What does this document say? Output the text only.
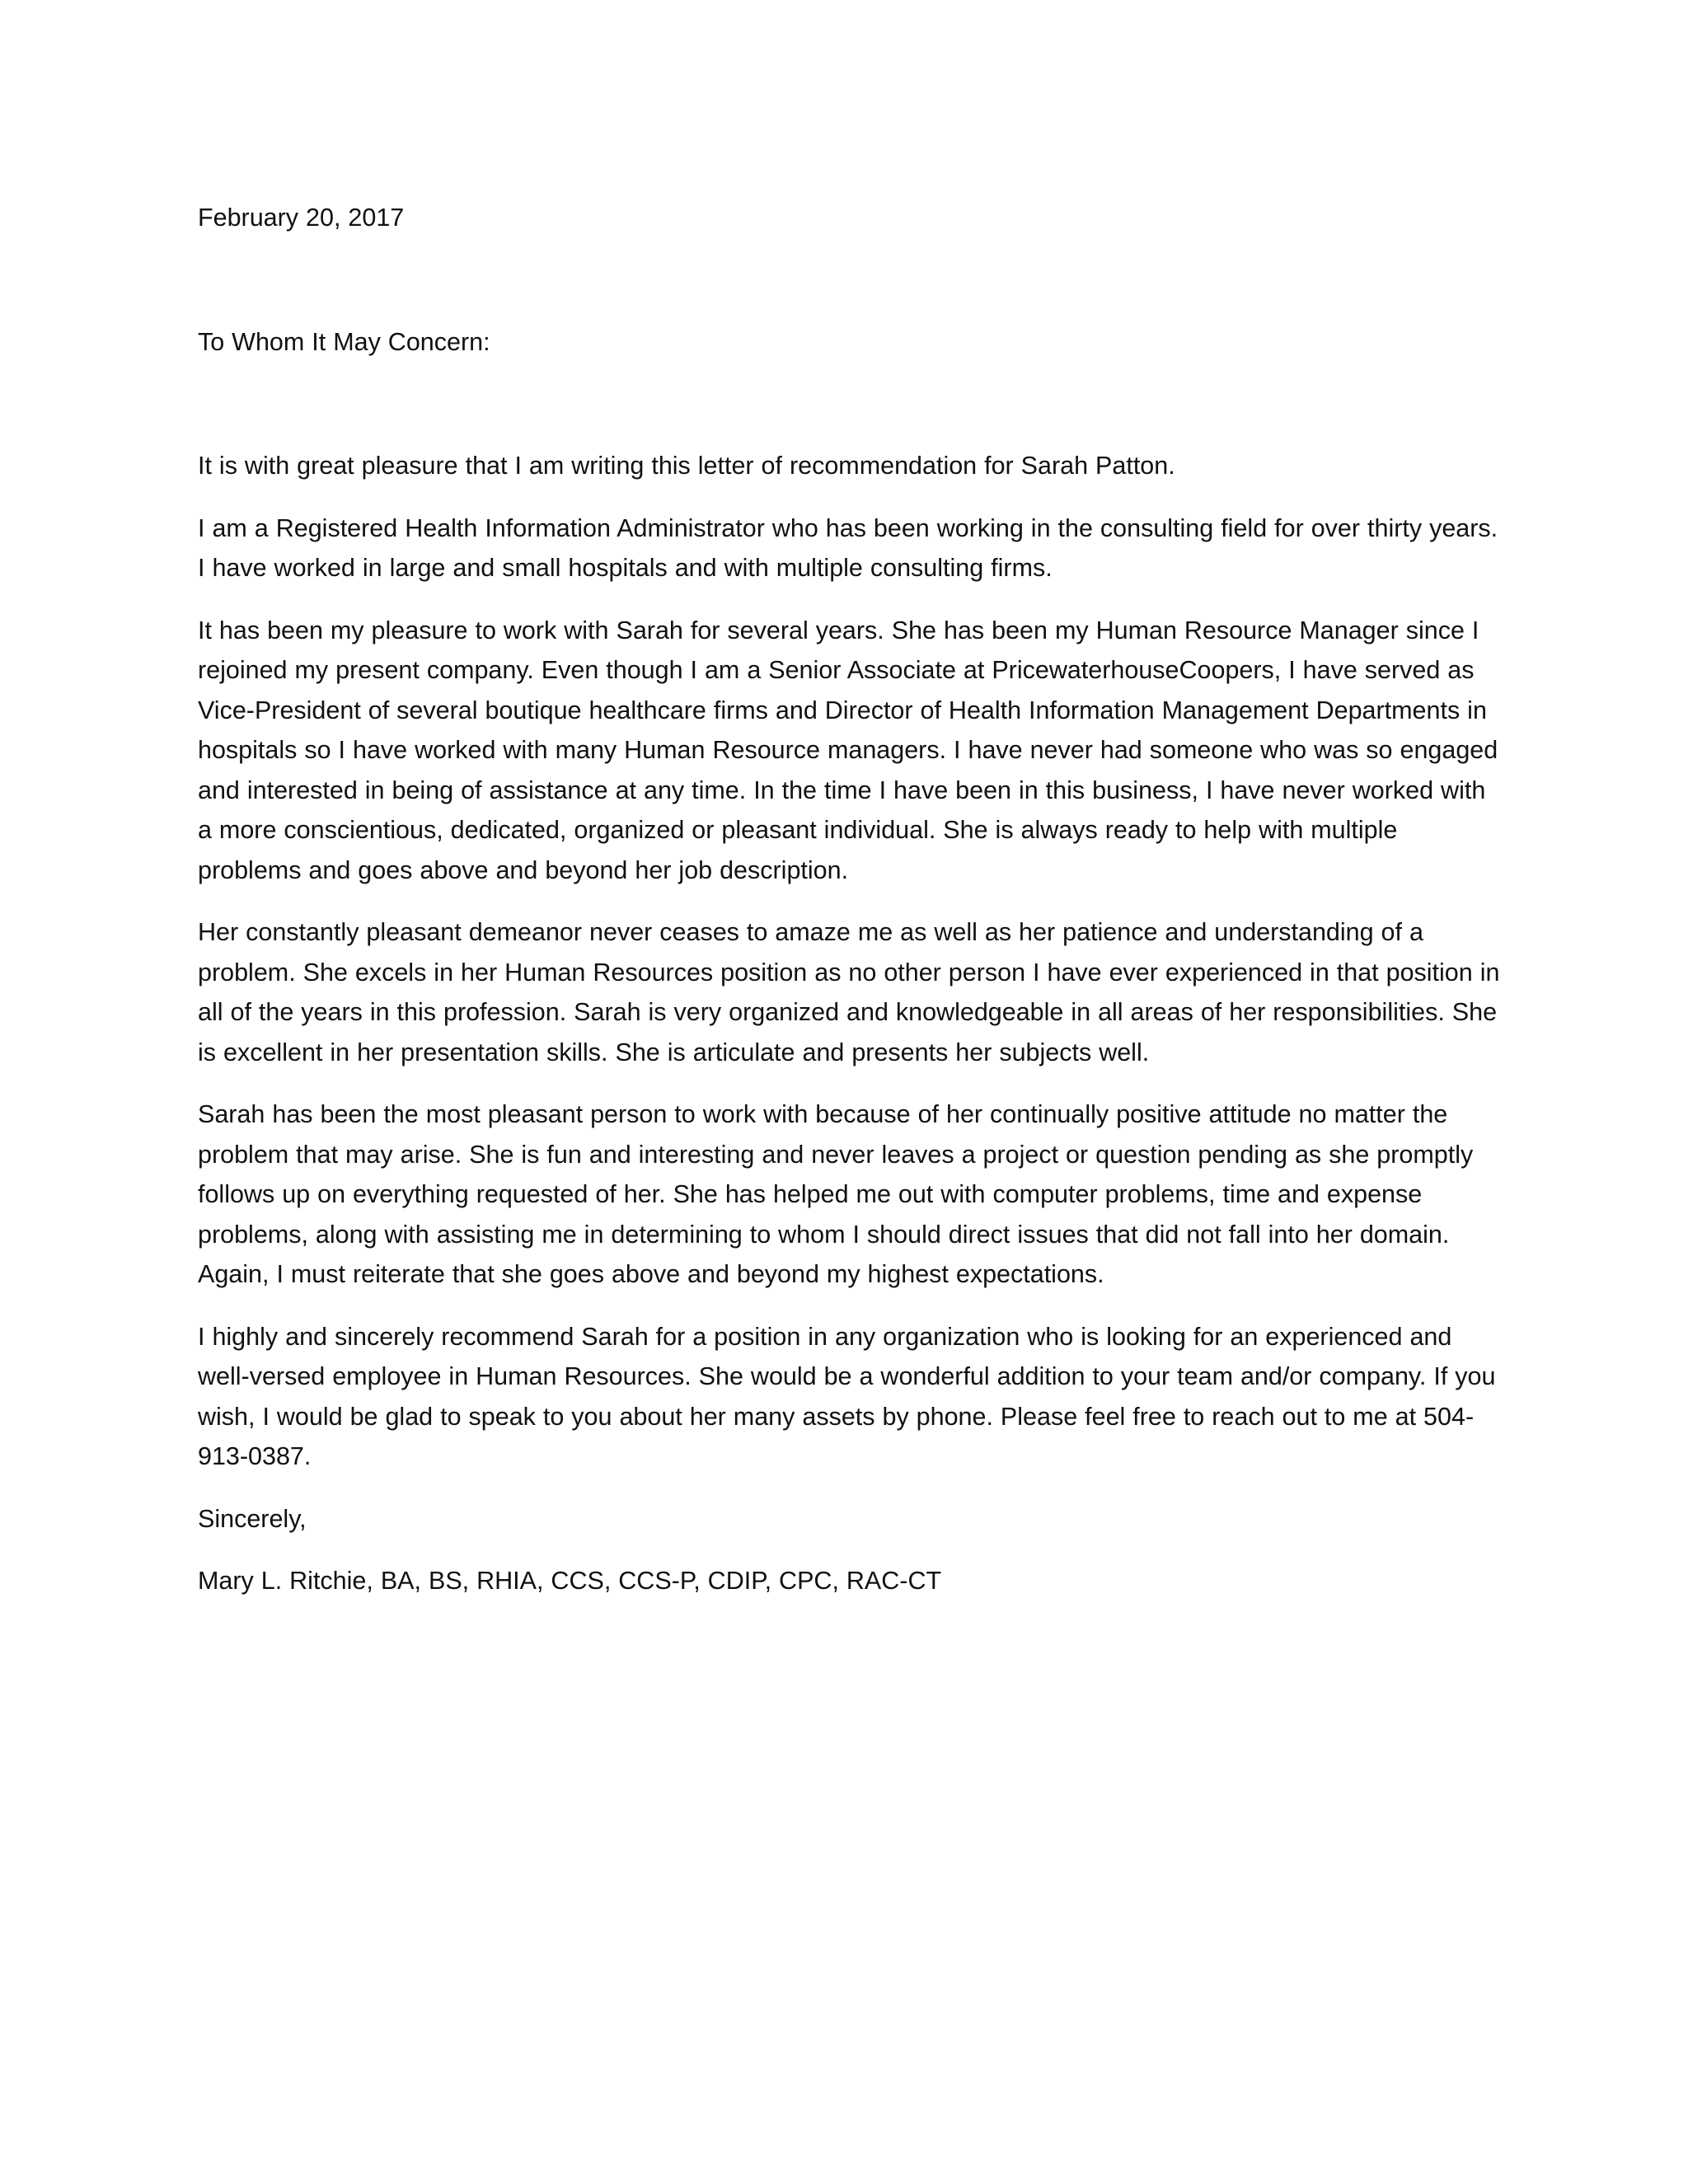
February 20, 2017

To Whom It May Concern:

It is with great pleasure that I am writing this letter of recommendation for Sarah Patton.

I am a Registered Health Information Administrator who has been working in the consulting field for over thirty years. I have worked in large and small hospitals and with multiple consulting firms.

It has been my pleasure to work with Sarah for several years. She has been my Human Resource Manager since I rejoined my present company. Even though I am a Senior Associate at PricewaterhouseCoopers, I have served as Vice-President of several boutique healthcare firms and Director of Health Information Management Departments in hospitals so I have worked with many Human Resource managers. I have never had someone who was so engaged and interested in being of assistance at any time. In the time I have been in this business, I have never worked with a more conscientious, dedicated, organized or pleasant individual. She is always ready to help with multiple problems and goes above and beyond her job description.

Her constantly pleasant demeanor never ceases to amaze me as well as her patience and understanding of a problem. She excels in her Human Resources position as no other person I have ever experienced in that position in all of the years in this profession. Sarah is very organized and knowledgeable in all areas of her responsibilities. She is excellent in her presentation skills. She is articulate and presents her subjects well.

Sarah has been the most pleasant person to work with because of her continually positive attitude no matter the problem that may arise. She is fun and interesting and never leaves a project or question pending as she promptly follows up on everything requested of her. She has helped me out with computer problems, time and expense problems, along with assisting me in determining to whom I should direct issues that did not fall into her domain. Again, I must reiterate that she goes above and beyond my highest expectations.

I highly and sincerely recommend Sarah for a position in any organization who is looking for an experienced and well-versed employee in Human Resources. She would be a wonderful addition to your team and/or company. If you wish, I would be glad to speak to you about her many assets by phone. Please feel free to reach out to me at 504-913-0387.

Sincerely,

Mary L. Ritchie, BA, BS, RHIA, CCS, CCS-P, CDIP, CPC, RAC-CT
